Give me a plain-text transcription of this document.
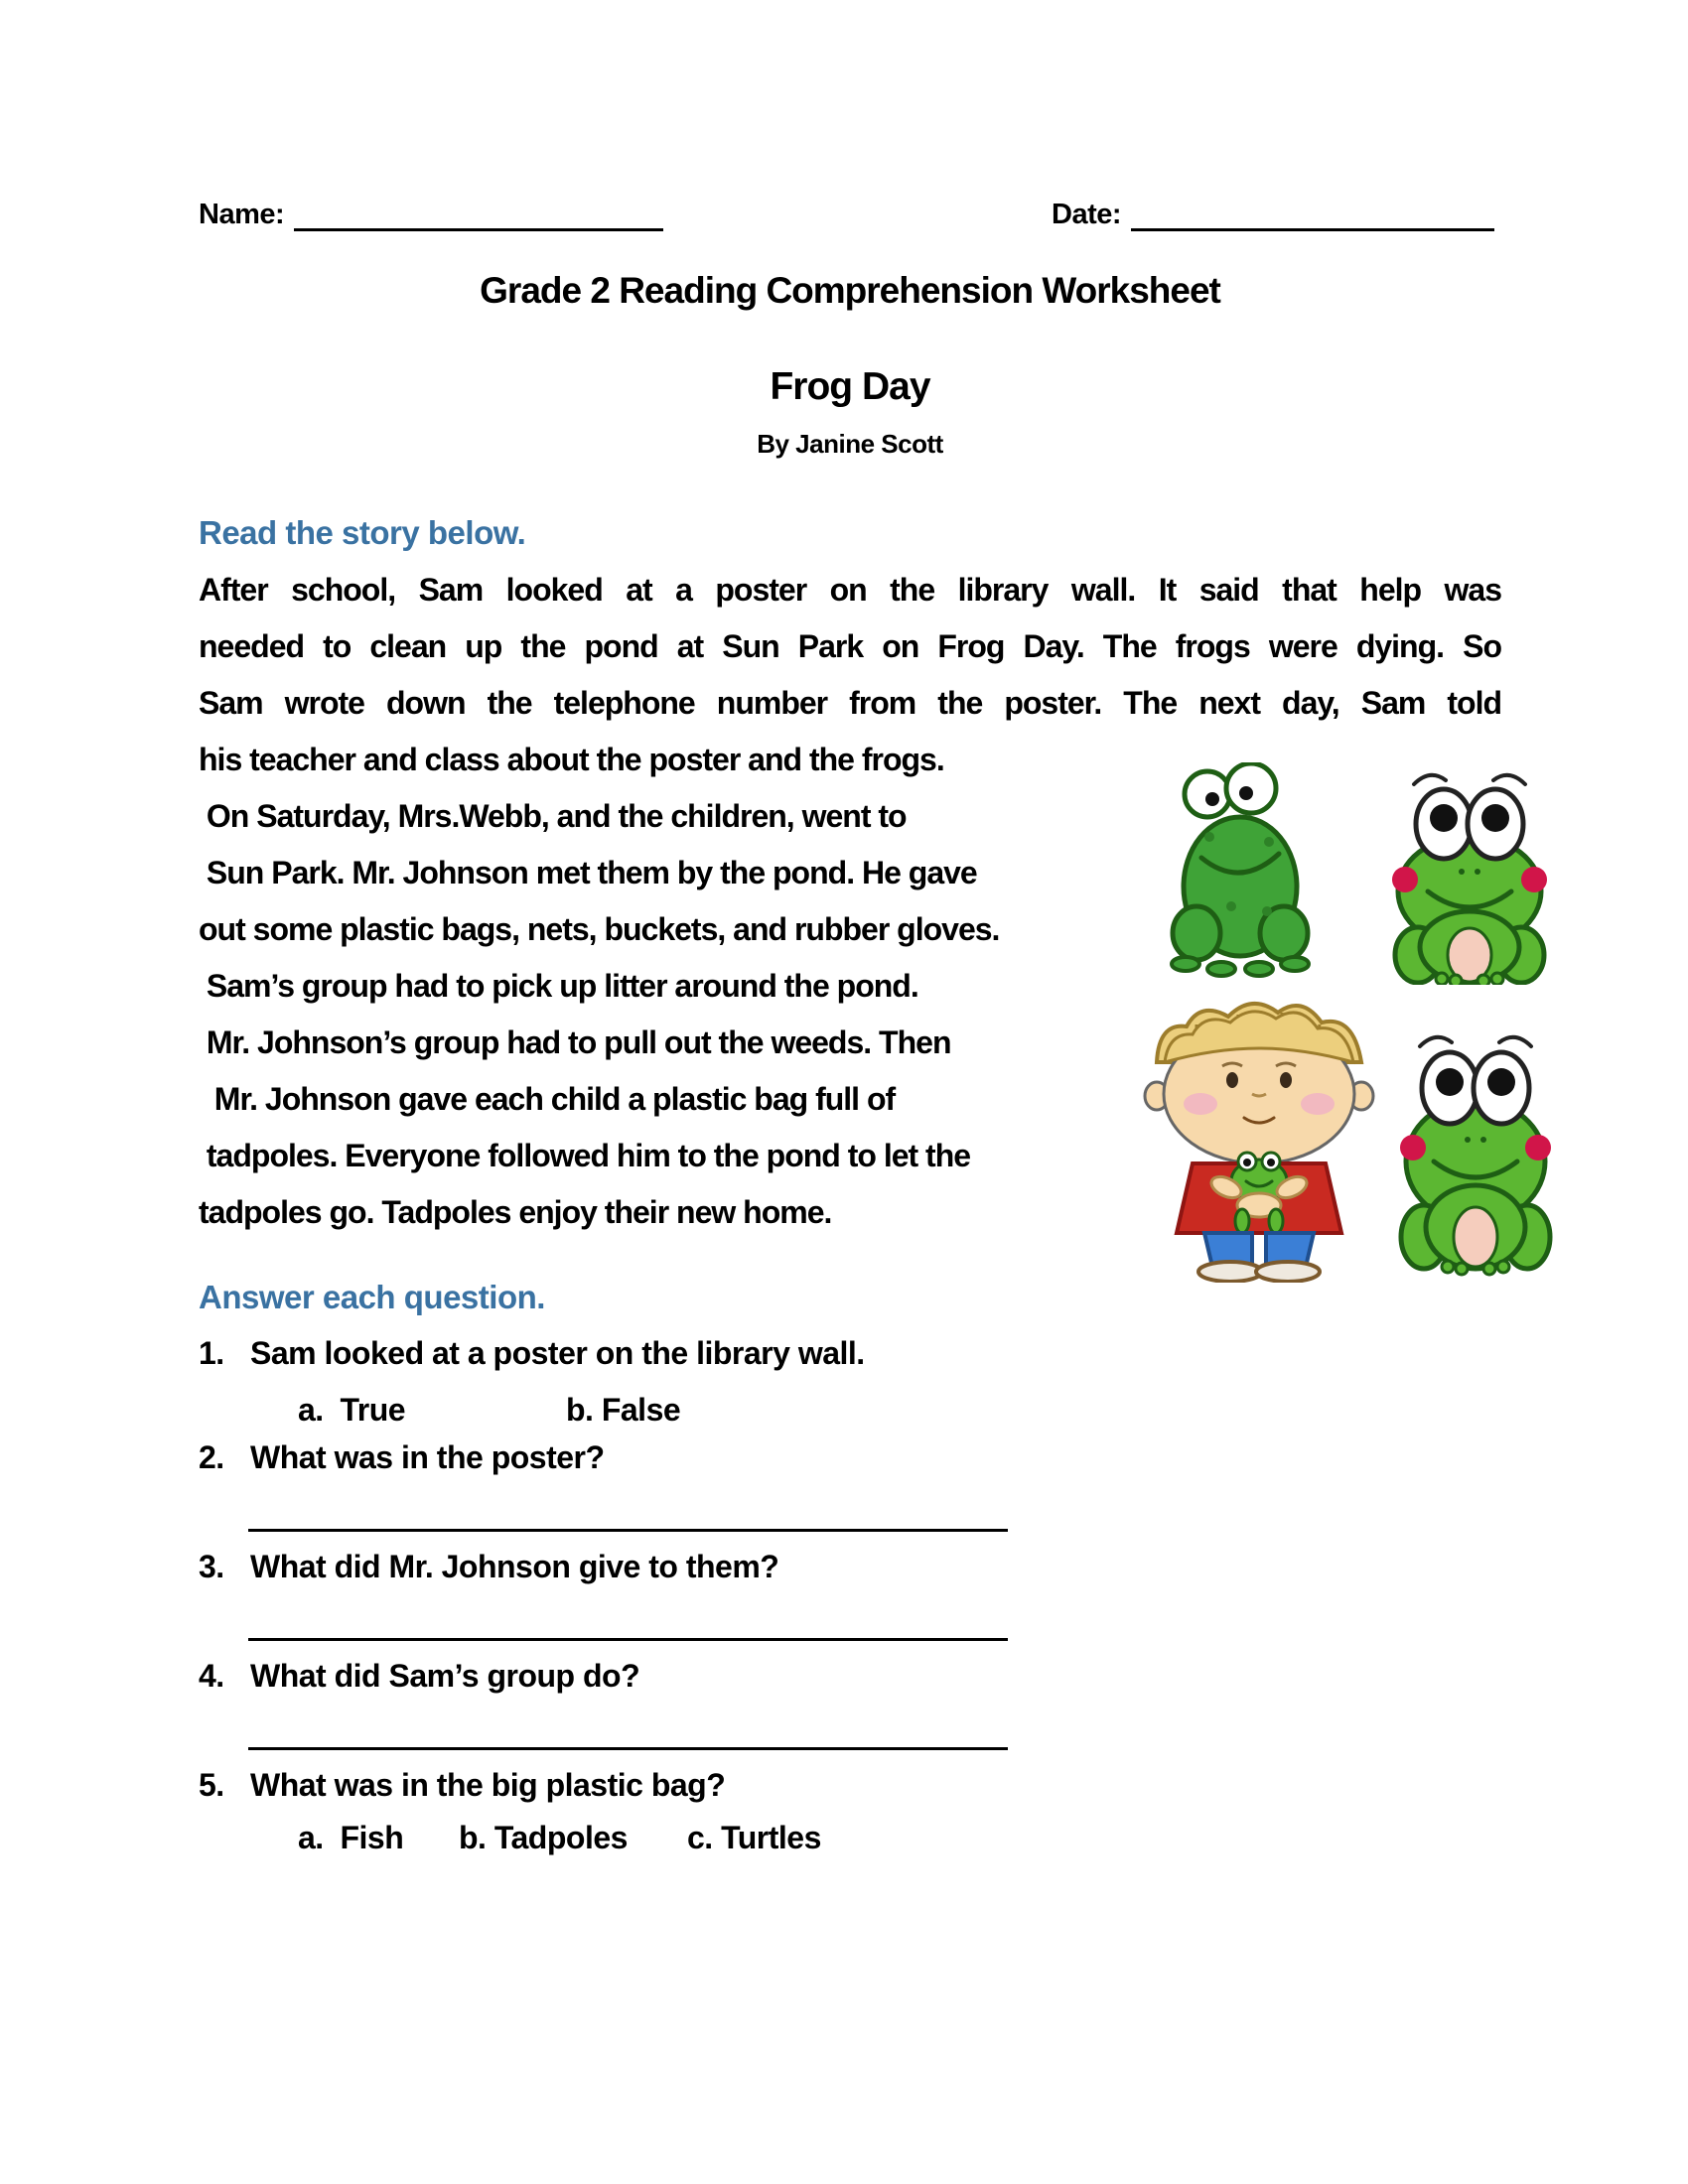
Name:	Date:
Grade 2 Reading Comprehension Worksheet
Frog Day
By Janine Scott
Read the story below.
After school, Sam looked at a poster on the library wall. It said that help was
needed to clean up the pond at Sun Park on Frog Day. The frogs were dying. So
Sam wrote down the telephone number from the poster. The next day, Sam told
his teacher and class about the poster and the frogs.
On Saturday, Mrs.Webb, and the children, went to
Sun Park. Mr. Johnson met them by the pond. He gave
out some plastic bags, nets, buckets, and rubber gloves.
Sam’s group had to pick up litter around the pond.
Mr. Johnson’s group had to pull out the weeds. Then
Mr. Johnson gave each child a plastic bag full of
tadpoles. Everyone followed him to the pond to let the
tadpoles go. Tadpoles enjoy their new home.
Answer each question.
1. Sam looked at a poster on the library wall.
a.  True	b. False
2. What was in the poster?
3. What did Mr. Johnson give to them?
4. What did Sam’s group do?
5. What was in the big plastic bag?
a.  Fish b. Tadpoles c. Turtles
